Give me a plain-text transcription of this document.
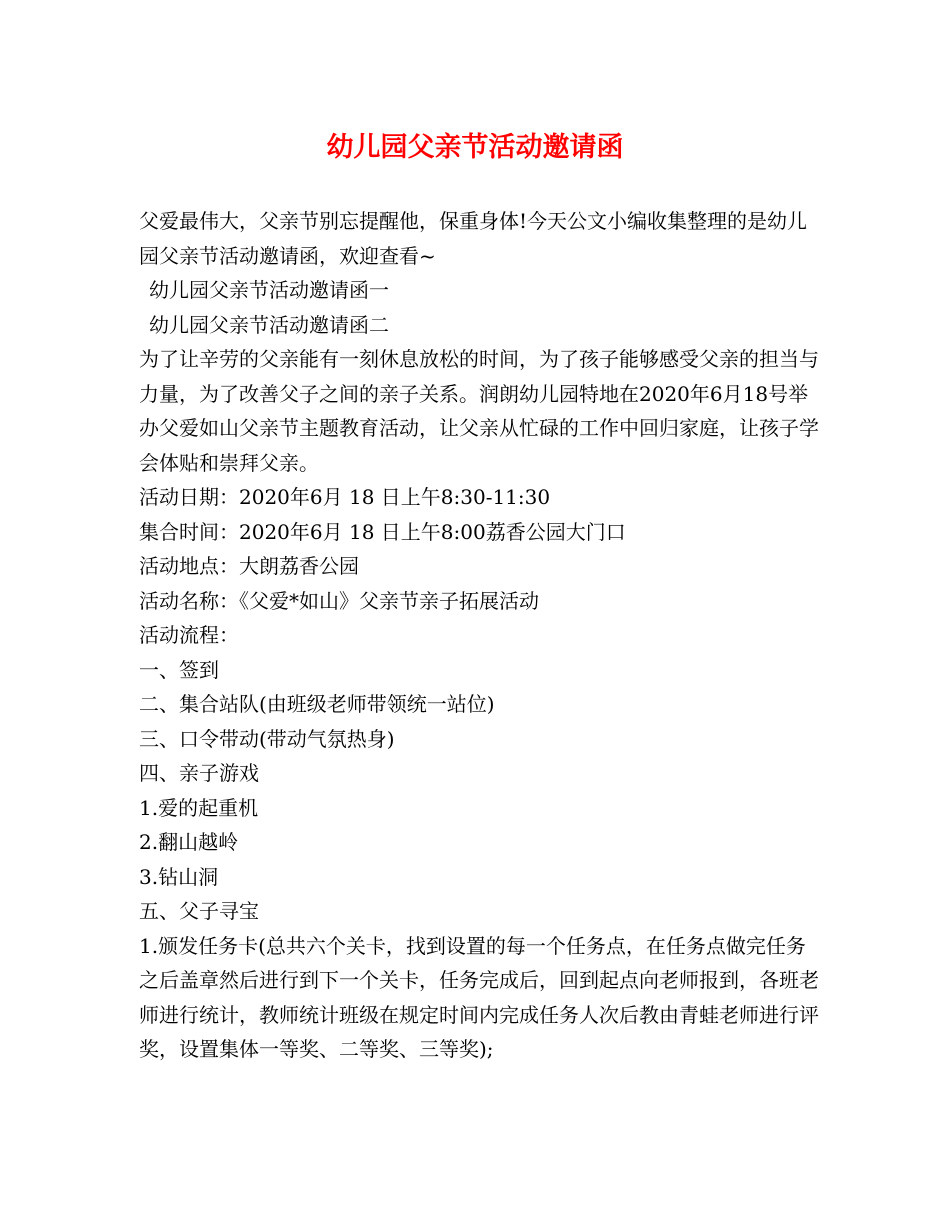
幼儿园父亲节活动邀请函

父爱最伟大，父亲节别忘提醒他，保重身体!今天公文小编收集整理的是幼儿园父亲节活动邀请函，欢迎查看~

幼儿园父亲节活动邀请函一

幼儿园父亲节活动邀请函二

为了让辛劳的父亲能有一刻休息放松的时间，为了孩子能够感受父亲的担当与力量，为了改善父子之间的亲子关系。润朗幼儿园特地在2020年6月18号举办父爱如山父亲节主题教育活动，让父亲从忙碌的工作中回归家庭，让孩子学会体贴和崇拜父亲。

活动日期：2020年6月 18 日上午8:30-11:30

集合时间：2020年6月 18 日上午8:00荔香公园大门口

活动地点：大朗荔香公园

活动名称：《父爱*如山》父亲节亲子拓展活动

活动流程：

一、签到

二、集合站队(由班级老师带领统一站位)

三、口令带动(带动气氛热身)

四、亲子游戏

1.爱的起重机

2.翻山越岭

3.钻山洞

五、父子寻宝

1.颁发任务卡(总共六个关卡，找到设置的每一个任务点，在任务点做完任务之后盖章然后进行到下一个关卡，任务完成后，回到起点向老师报到，各班老师进行统计，教师统计班级在规定时间内完成任务人次后教由青蛙老师进行评奖，设置集体一等奖、二等奖、三等奖);
